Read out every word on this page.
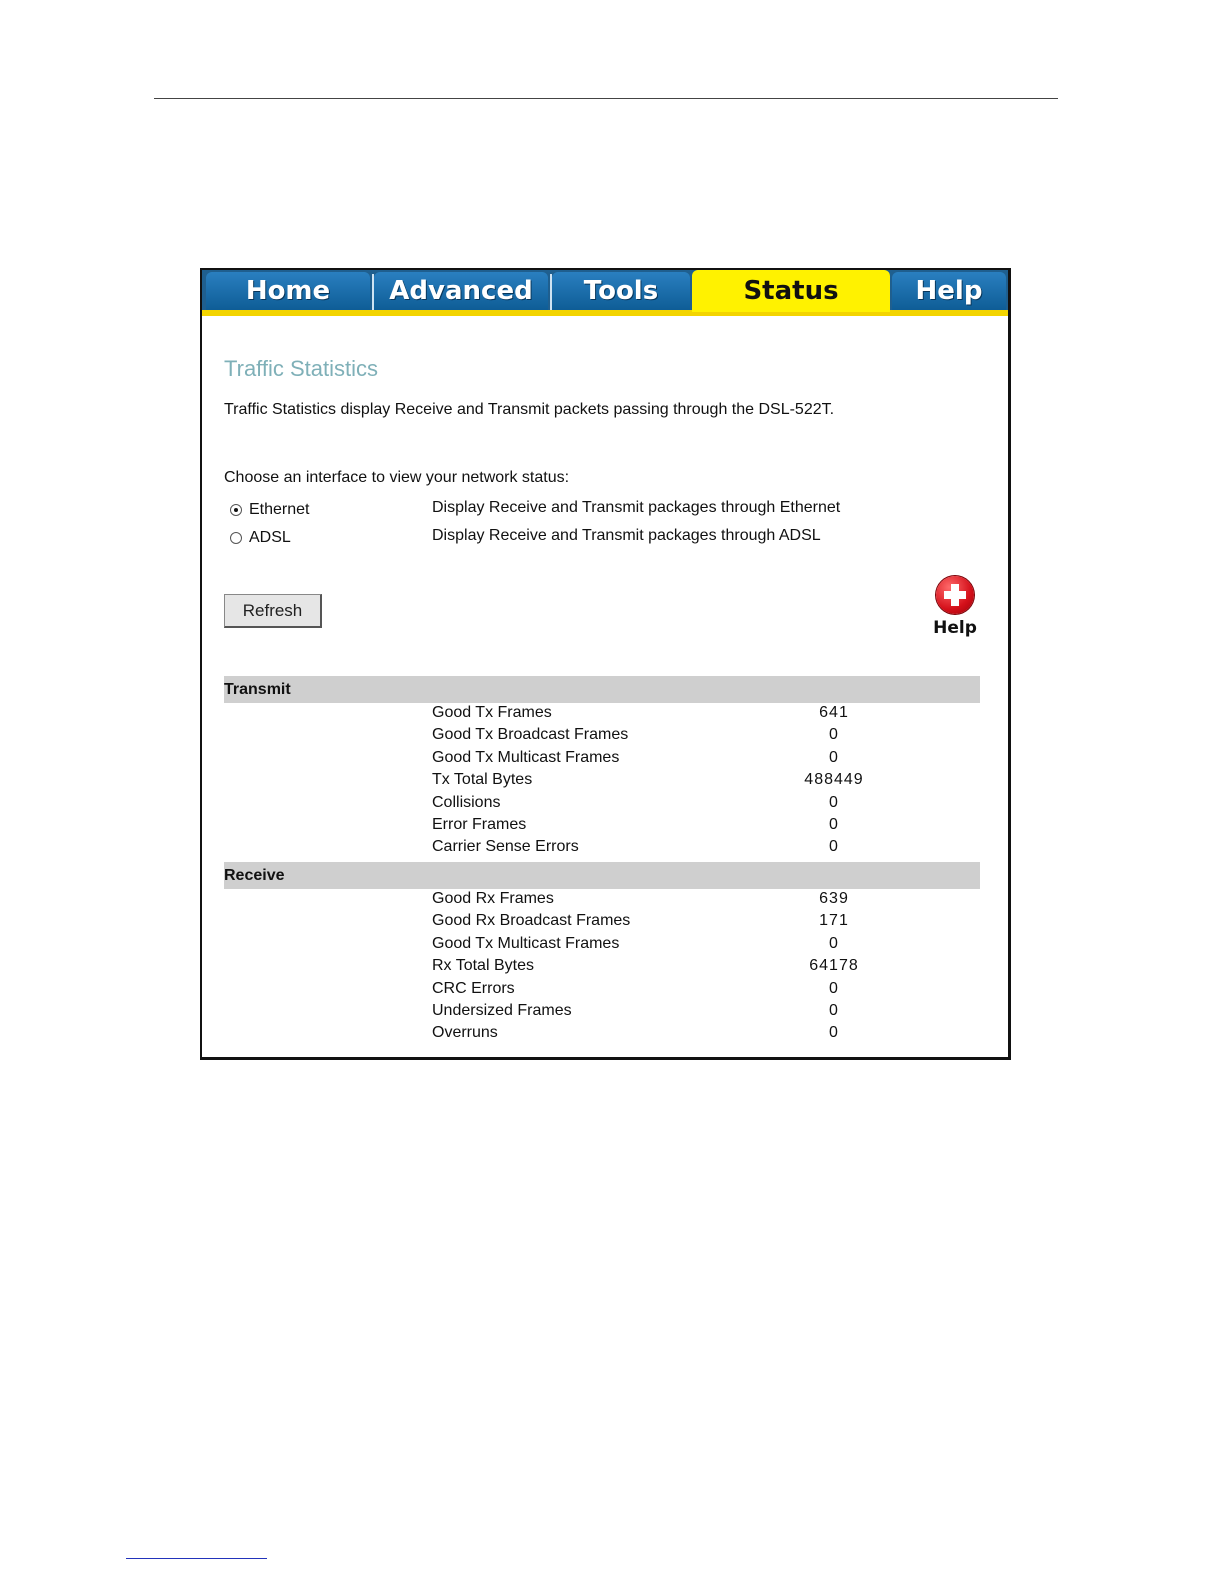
Home	Advanced	Tools	Status	Help
Traffic Statistics
Traffic Statistics display Receive and Transmit packets passing through the DSL-522T.
Choose an interface to view your network status:
Ethernet	Display Receive and Transmit packages through Ethernet
ADSL	Display Receive and Transmit packages through ADSL
Refresh
Help
Transmit
Good Tx Frames	641
Good Tx Broadcast Frames	0
Good Tx Multicast Frames	0
Tx Total Bytes	488449
Collisions	0
Error Frames	0
Carrier Sense Errors	0
Receive
Good Rx Frames	639
Good Rx Broadcast Frames	171
Good Tx Multicast Frames	0
Rx Total Bytes	64178
CRC Errors	0
Undersized Frames	0
Overruns	0
